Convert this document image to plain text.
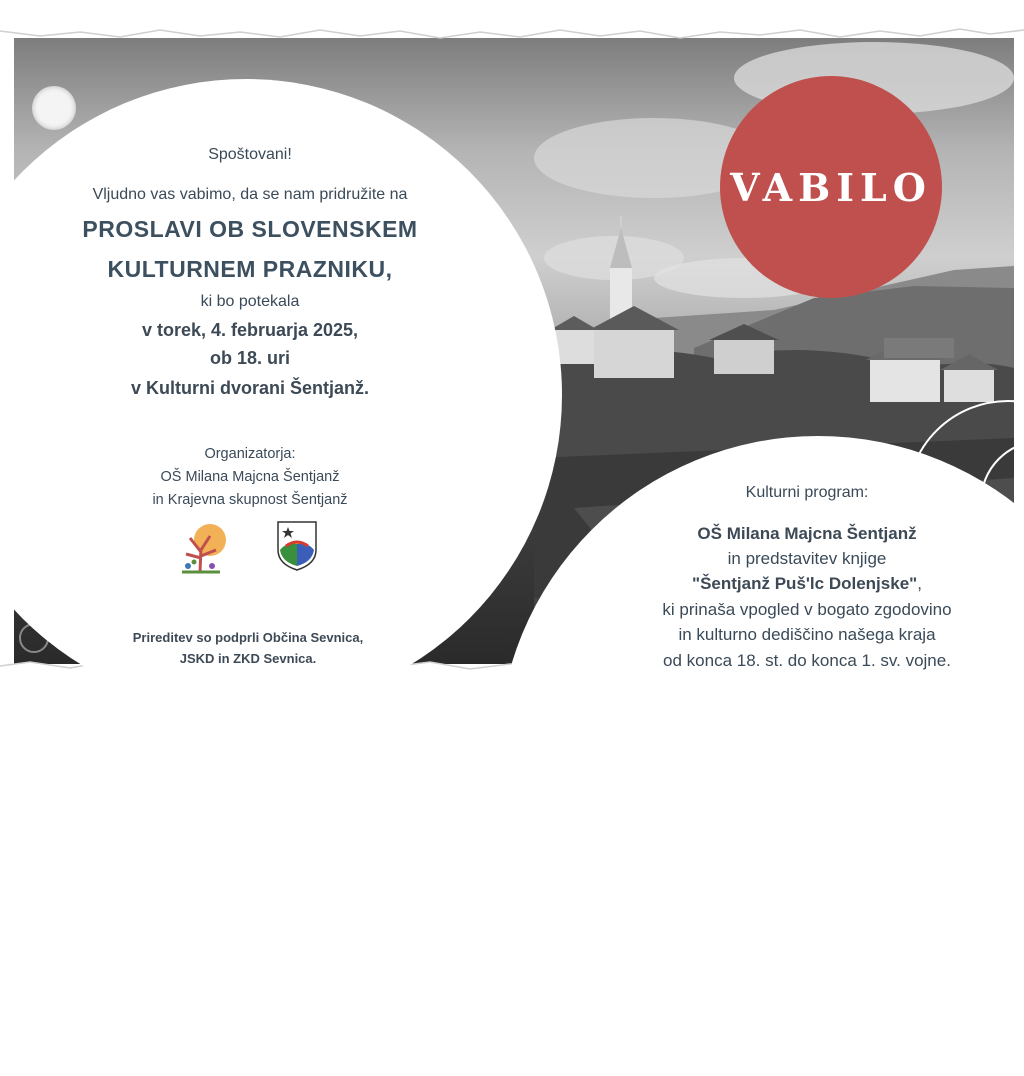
VABILO
Spoštovani!
Vljudno vas vabimo, da se nam pridružite na
PROSLAVI OB SLOVENSKEM
KULTURNEM PRAZNIKU,
ki bo potekala
v torek, 4. februarja 2025,
ob 18. uri
v Kulturni dvorani Šentjanž.
Organizatorja:
OŠ Milana Majcna Šentjanž
in Krajevna skupnost Šentjanž
Prireditev so podprli Občina Sevnica,
JSKD in ZKD Sevnica.
Kulturni program:
OŠ Milana Majcna Šentjanž
in predstavitev knjige
"Šentjanž Puš'lc Dolenjske",
ki prinaša vpogled v bogato zgodovino
in kulturno dediščino našega kraja
od konca 18. st. do konca 1. sv. vojne.
